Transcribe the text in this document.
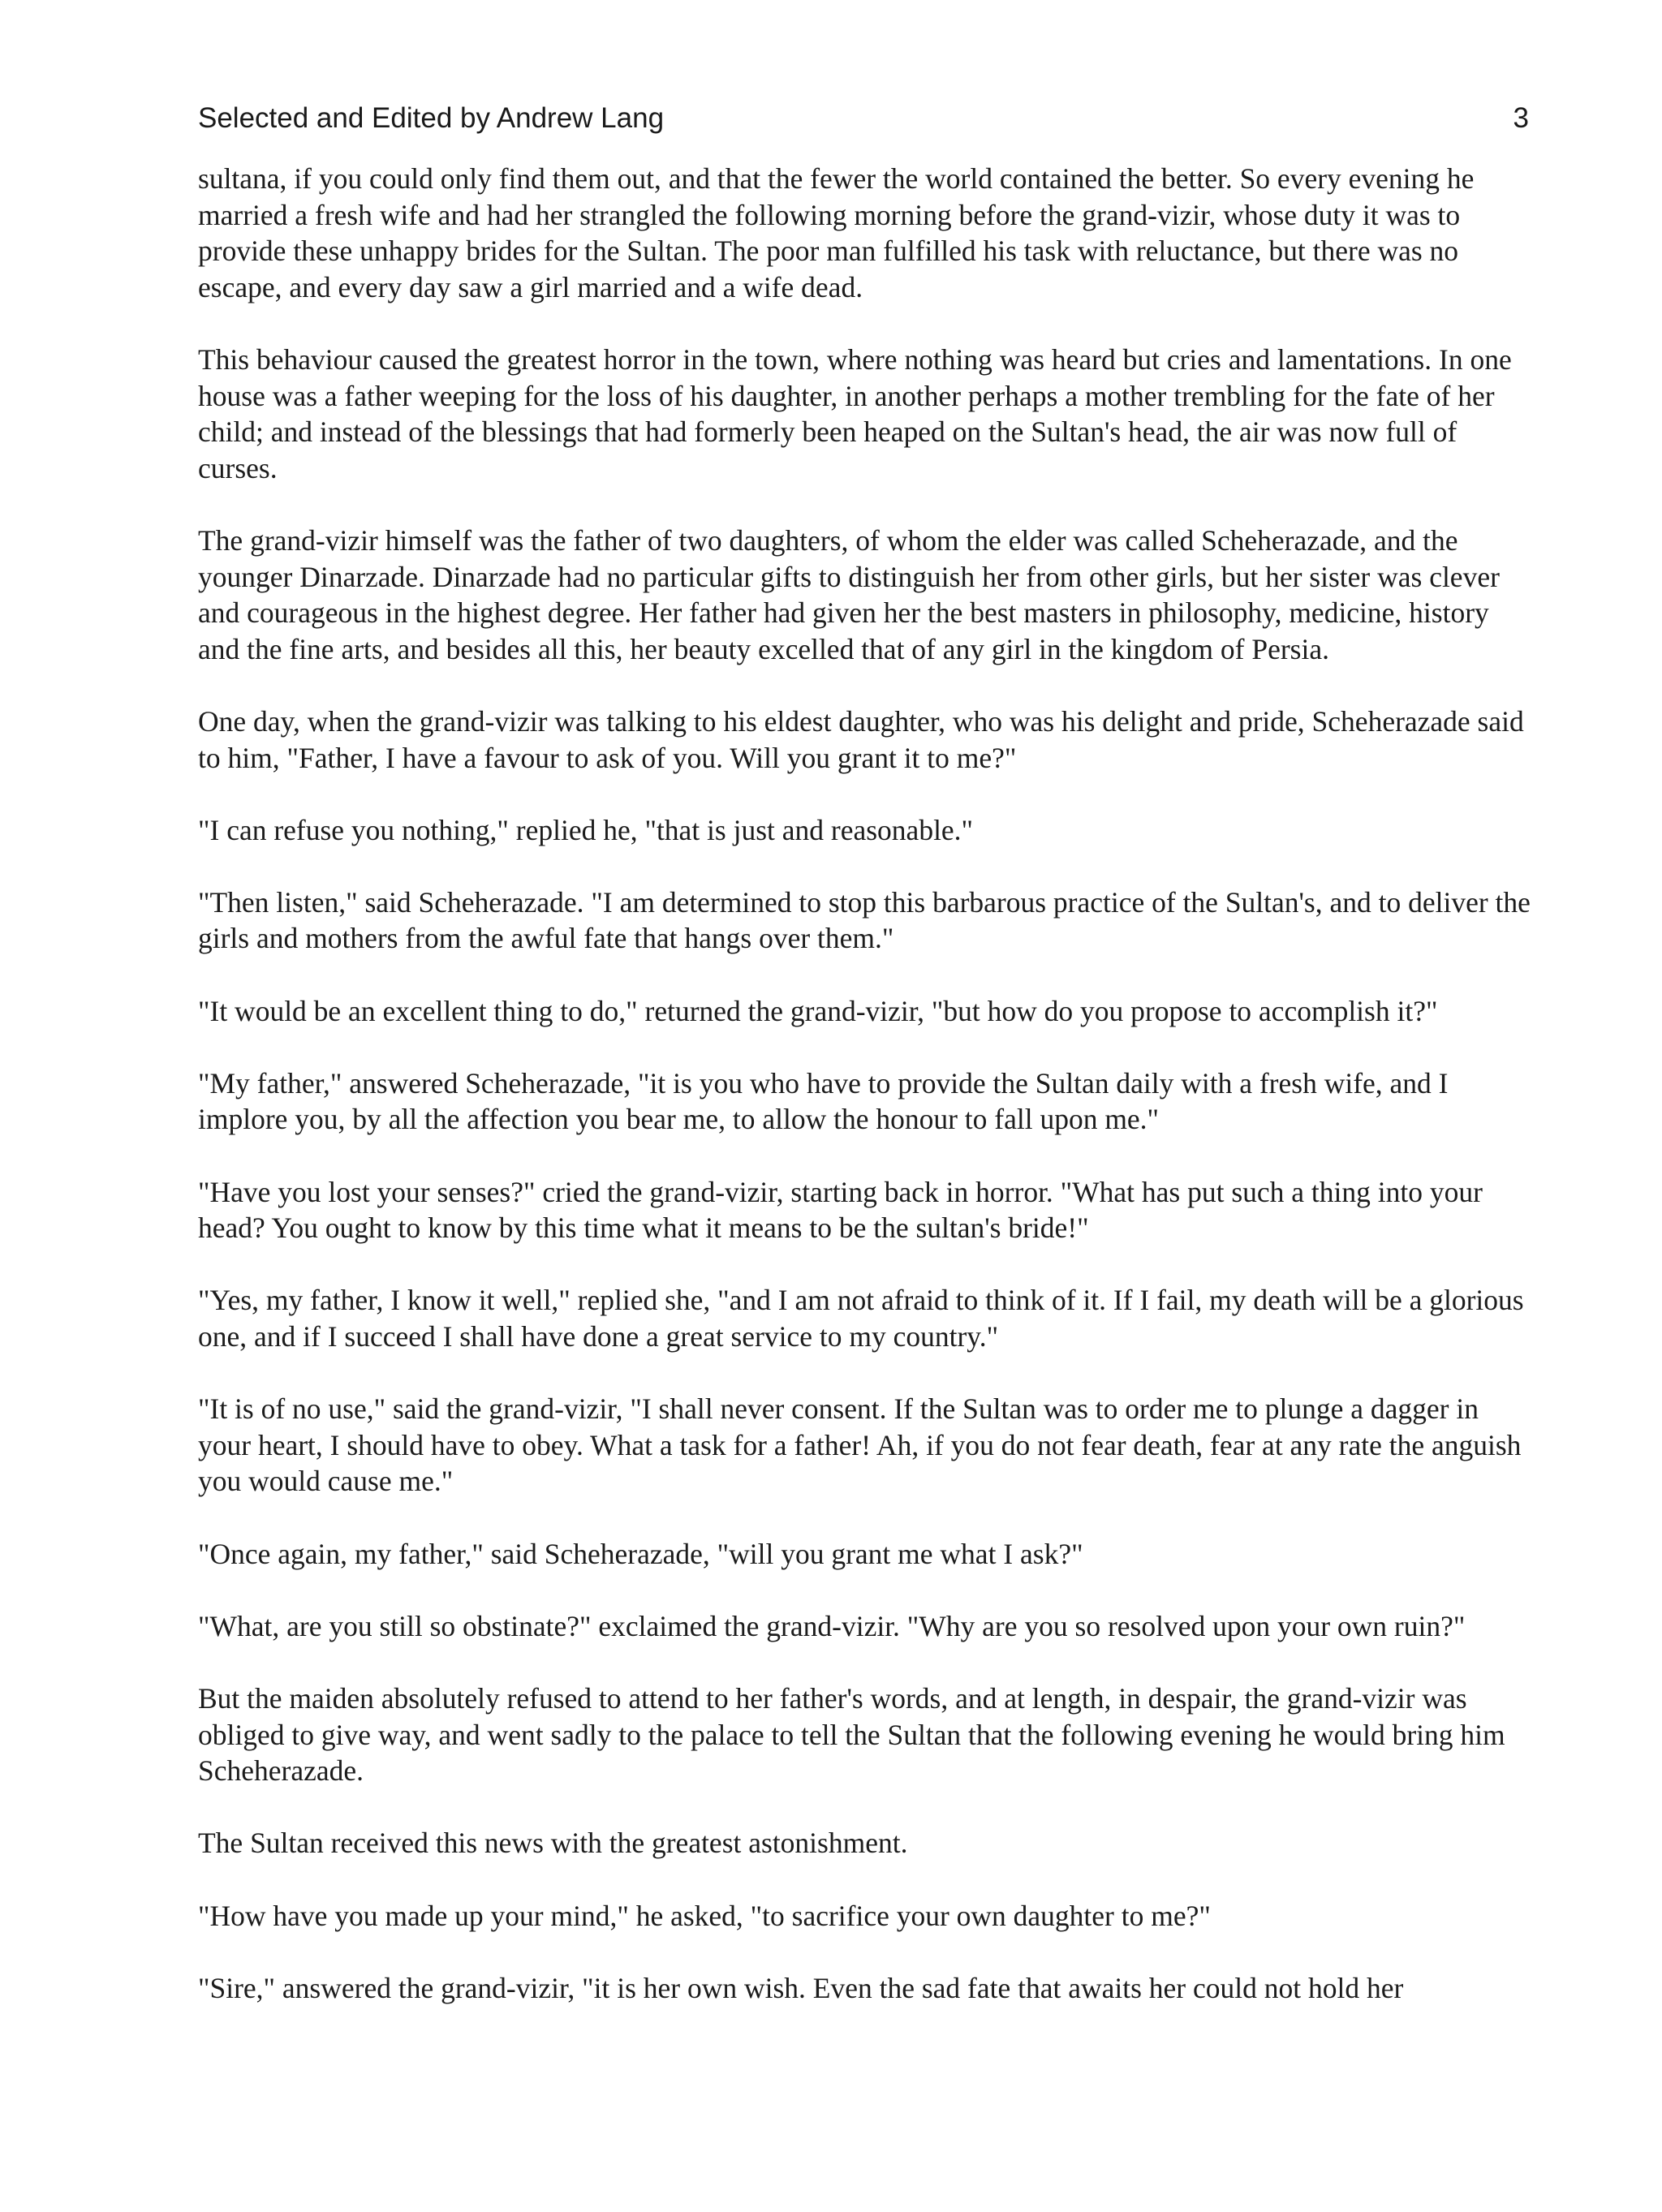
Selected and Edited by Andrew Lang	3

sultana, if you could only find them out, and that the fewer the world contained the better. So every evening he married a fresh wife and had her strangled the following morning before the grand-vizir, whose duty it was to provide these unhappy brides for the Sultan. The poor man fulfilled his task with reluctance, but there was no escape, and every day saw a girl married and a wife dead.

This behaviour caused the greatest horror in the town, where nothing was heard but cries and lamentations. In one house was a father weeping for the loss of his daughter, in another perhaps a mother trembling for the fate of her child; and instead of the blessings that had formerly been heaped on the Sultan's head, the air was now full of curses.

The grand-vizir himself was the father of two daughters, of whom the elder was called Scheherazade, and the younger Dinarzade. Dinarzade had no particular gifts to distinguish her from other girls, but her sister was clever and courageous in the highest degree. Her father had given her the best masters in philosophy, medicine, history and the fine arts, and besides all this, her beauty excelled that of any girl in the kingdom of Persia.

One day, when the grand-vizir was talking to his eldest daughter, who was his delight and pride, Scheherazade said to him, "Father, I have a favour to ask of you. Will you grant it to me?"

"I can refuse you nothing," replied he, "that is just and reasonable."

"Then listen," said Scheherazade. "I am determined to stop this barbarous practice of the Sultan's, and to deliver the girls and mothers from the awful fate that hangs over them."

"It would be an excellent thing to do," returned the grand-vizir, "but how do you propose to accomplish it?"

"My father," answered Scheherazade, "it is you who have to provide the Sultan daily with a fresh wife, and I implore you, by all the affection you bear me, to allow the honour to fall upon me."

"Have you lost your senses?" cried the grand-vizir, starting back in horror. "What has put such a thing into your head? You ought to know by this time what it means to be the sultan's bride!"

"Yes, my father, I know it well," replied she, "and I am not afraid to think of it. If I fail, my death will be a glorious one, and if I succeed I shall have done a great service to my country."

"It is of no use," said the grand-vizir, "I shall never consent. If the Sultan was to order me to plunge a dagger in your heart, I should have to obey. What a task for a father! Ah, if you do not fear death, fear at any rate the anguish you would cause me."

"Once again, my father," said Scheherazade, "will you grant me what I ask?"

"What, are you still so obstinate?" exclaimed the grand-vizir. "Why are you so resolved upon your own ruin?"

But the maiden absolutely refused to attend to her father's words, and at length, in despair, the grand-vizir was obliged to give way, and went sadly to the palace to tell the Sultan that the following evening he would bring him Scheherazade.

The Sultan received this news with the greatest astonishment.

"How have you made up your mind," he asked, "to sacrifice your own daughter to me?"

"Sire," answered the grand-vizir, "it is her own wish. Even the sad fate that awaits her could not hold her
